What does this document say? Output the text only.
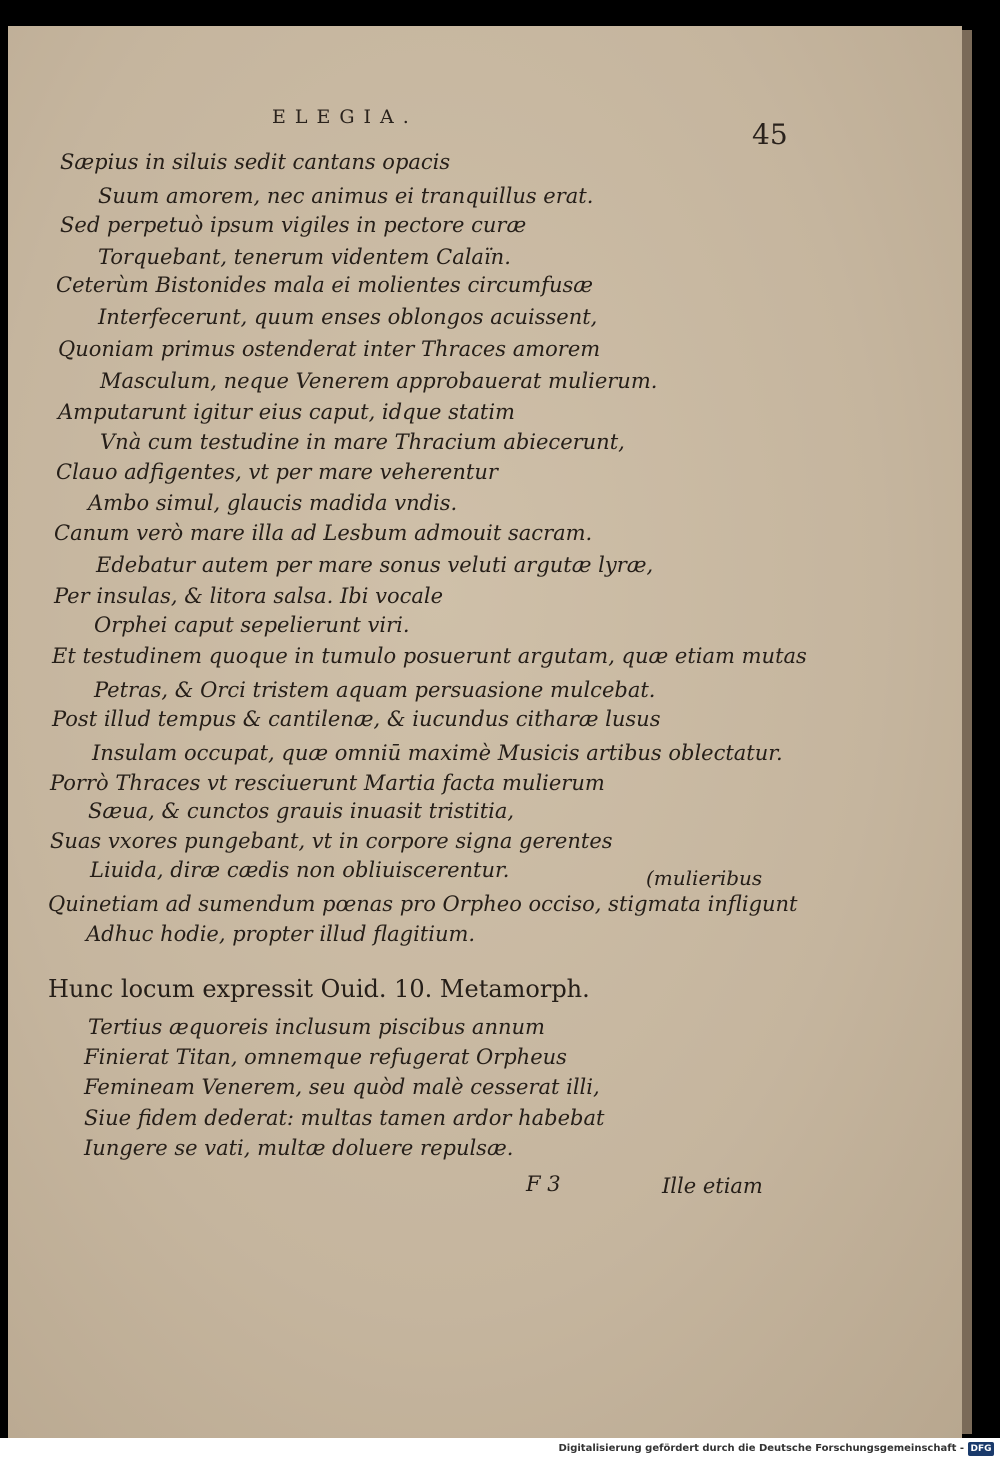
ELEGIA.
45
Sæpius in siluis sedit cantans opacis
Suum amorem, nec animus ei tranquillus erat.
Sed perpetuò ipsum vigiles in pectore curæ
Torquebant, tenerum videntem Calaïn.
Ceterùm Bistonides mala ei molientes circumfusæ
Interfecerunt, quum enses oblongos acuissent,
Quoniam primus ostenderat inter Thraces amorem
Masculum, neque Venerem approbauerat mulierum.
Amputarunt igitur eius caput, idque statim
Vnà cum testudine in mare Thracium abiecerunt,
Clauo adfigentes, vt per mare veherentur
Ambo simul, glaucis madida vndis.
Canum verò mare illa ad Lesbum admouit sacram.
Edebatur autem per mare sonus veluti argutæ lyræ,
Per insulas, & litora salsa. Ibi vocale
Orphei caput sepelierunt viri.
Et testudinem quoque in tumulo posuerunt argutam, quæ etiam mutas
Petras, & Orci tristem aquam persuasione mulcebat.
Post illud tempus & cantilenæ, & iucundus citharæ lusus
Insulam occupat, quæ omniū maximè Musicis artibus oblectatur.
Porrò Thraces vt resciuerunt Martia facta mulierum
Sæua, & cunctos grauis inuasit tristitia,
Suas vxores pungebant, vt in corpore signa gerentes
Liuida, diræ cædis non obliuiscerentur.	(mulieribus
Quinetiam ad sumendum pœnas pro Orpheo occiso, stigmata infligunt
Adhuc hodie, propter illud flagitium.
Hunc locum expressit Ouid. 10. Metamorph.
Tertius æquoreis inclusum piscibus annum
Finierat Titan, omnemque refugerat Orpheus
Femineam Venerem, seu quòd malè cesserat illi,
Siue fidem dederat: multas tamen ardor habebat
Iungere se vati, multæ doluere repulsæ.
F 3	Ille etiam
Digitalisierung gefördert durch die Deutsche Forschungsgemeinschaft - DFG
